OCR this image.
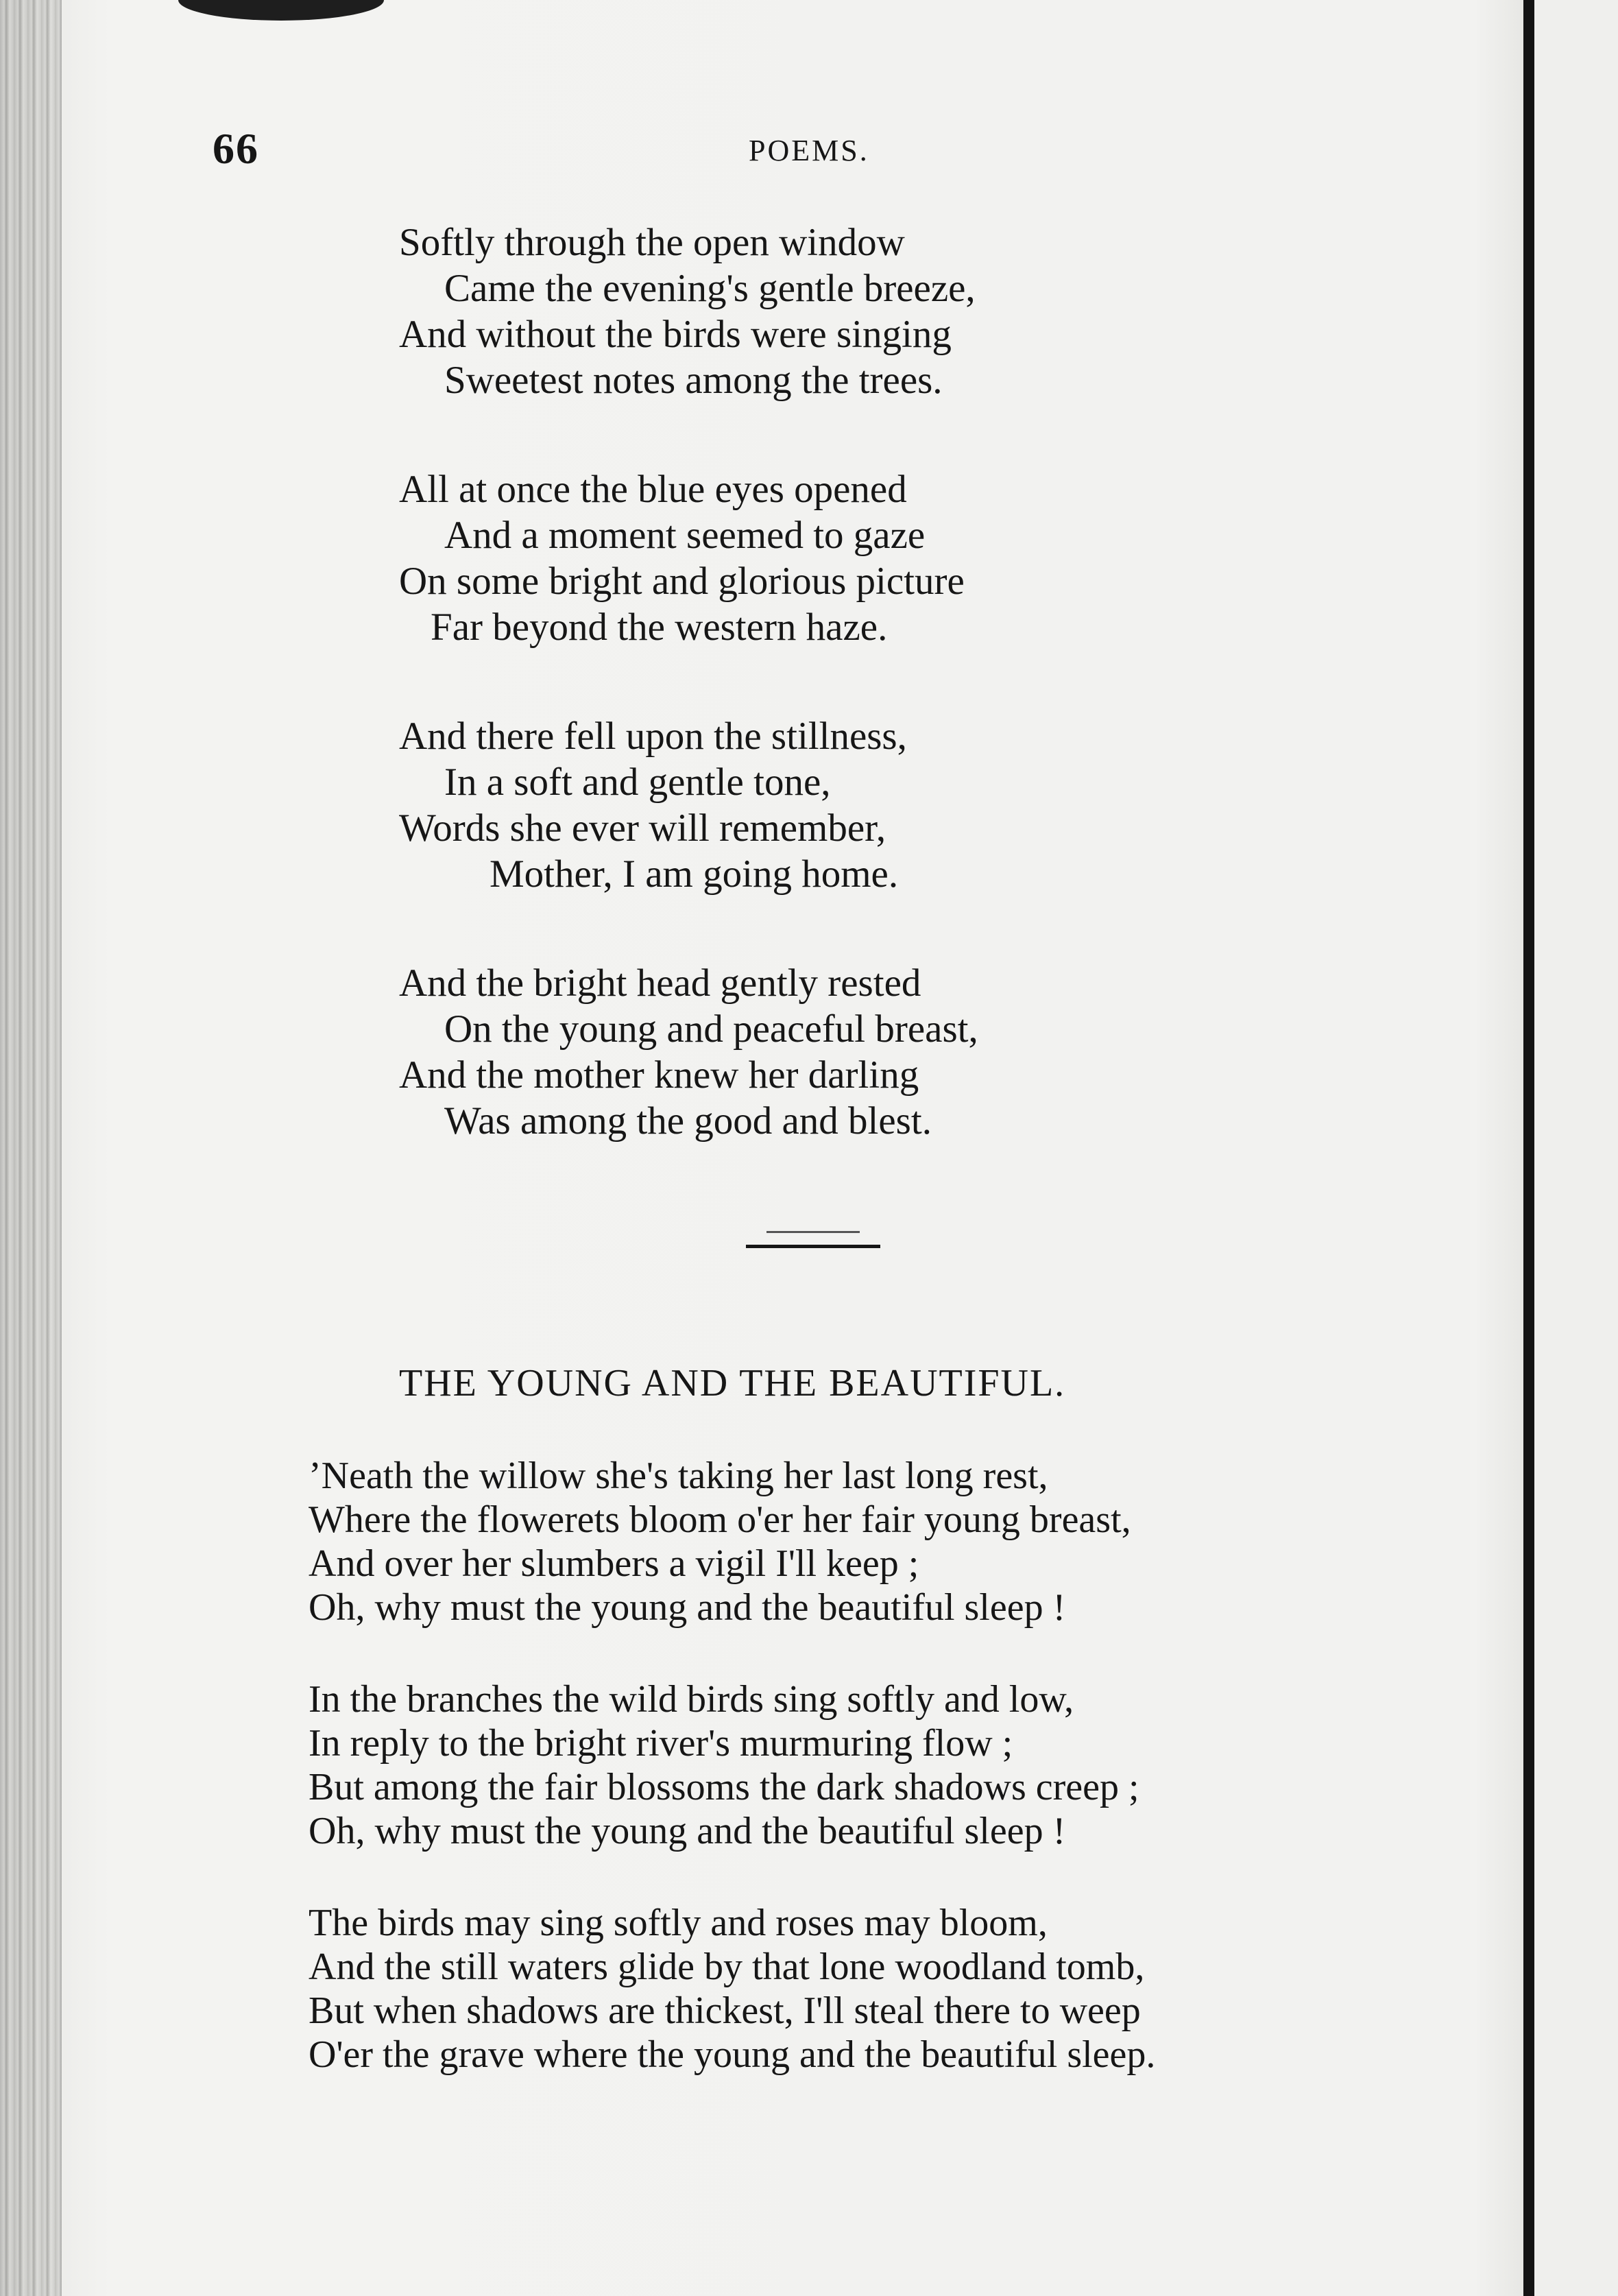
66	POEMS.
Softly through the open window
Came the evening's gentle breeze,
And without the birds were singing
Sweetest notes among the trees.
All at once the blue eyes opened
And a moment seemed to gaze
On some bright and glorious picture
Far beyond the western haze.
And there fell upon the stillness,
In a soft and gentle tone,
Words she ever will remember,
Mother, I am going home.
And the bright head gently rested
On the young and peaceful breast,
And the mother knew her darling
Was among the good and blest.
THE YOUNG AND THE BEAUTIFUL.
’Neath the willow she's taking her last long rest,
Where the flowerets bloom o'er her fair young breast,
And over her slumbers a vigil I'll keep ;
Oh, why must the young and the beautiful sleep !
In the branches the wild birds sing softly and low,
In reply to the bright river's murmuring flow ;
But among the fair blossoms the dark shadows creep ;
Oh, why must the young and the beautiful sleep !
The birds may sing softly and roses may bloom,
And the still waters glide by that lone woodland tomb,
But when shadows are thickest, I'll steal there to weep
O'er the grave where the young and the beautiful sleep.
